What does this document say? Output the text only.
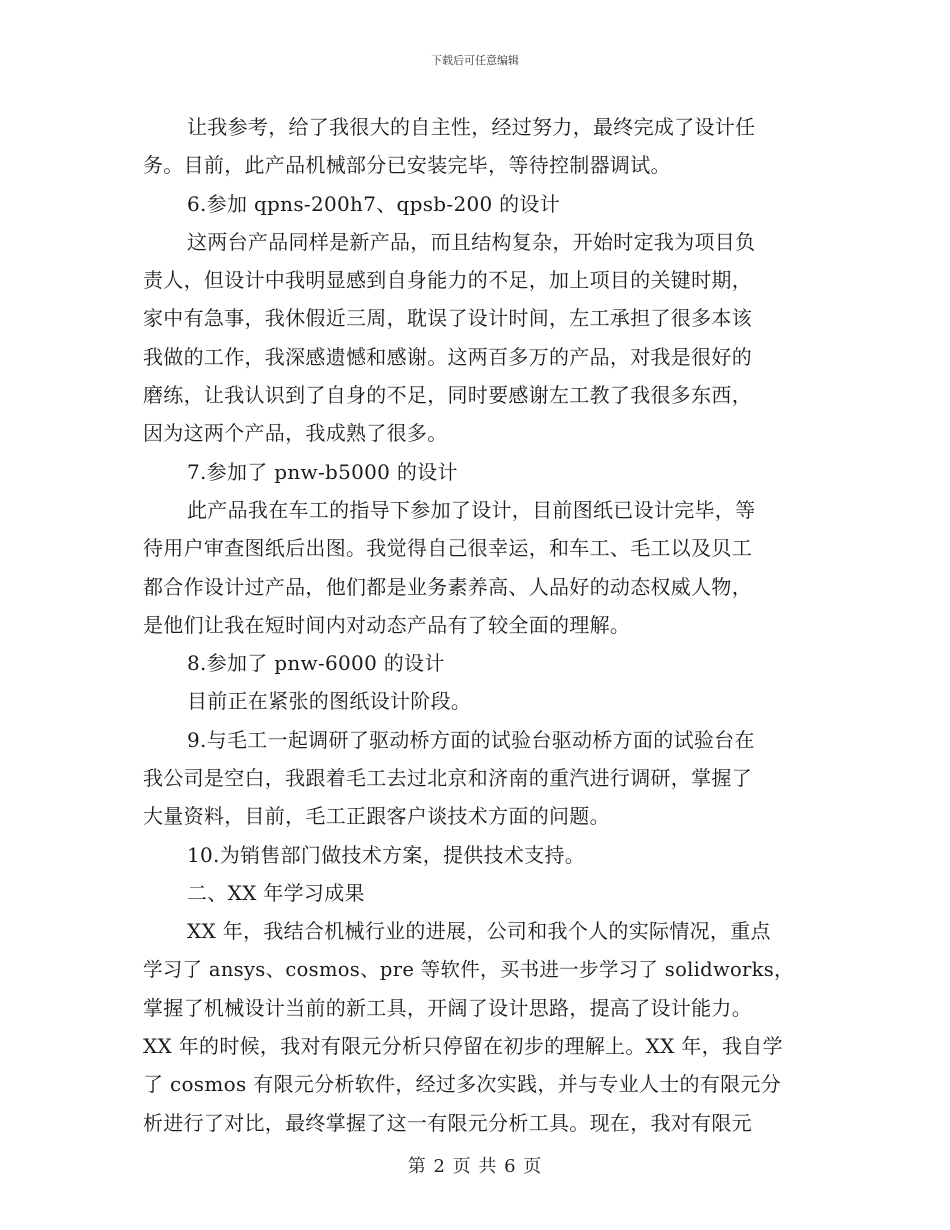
下载后可任意编辑
让我参考，给了我很大的自主性，经过努力，最终完成了设计任
务。目前，此产品机械部分已安装完毕，等待控制器调试。
6.参加 qpns-200h7、qpsb-200 的设计
这两台产品同样是新产品，而且结构复杂，开始时定我为项目负
责人，但设计中我明显感到自身能力的不足，加上项目的关键时期，
家中有急事，我休假近三周，耽误了设计时间，左工承担了很多本该
我做的工作，我深感遗憾和感谢。这两百多万的产品，对我是很好的
磨练，让我认识到了自身的不足，同时要感谢左工教了我很多东西，
因为这两个产品，我成熟了很多。
7.参加了 pnw-b5000 的设计
此产品我在车工的指导下参加了设计，目前图纸已设计完毕，等
待用户审查图纸后出图。我觉得自己很幸运，和车工、毛工以及贝工
都合作设计过产品，他们都是业务素养高、人品好的动态权威人物，
是他们让我在短时间内对动态产品有了较全面的理解。
8.参加了 pnw-6000 的设计
目前正在紧张的图纸设计阶段。
9.与毛工一起调研了驱动桥方面的试验台驱动桥方面的试验台在
我公司是空白，我跟着毛工去过北京和济南的重汽进行调研，掌握了
大量资料，目前，毛工正跟客户谈技术方面的问题。
10.为销售部门做技术方案，提供技术支持。
二、XX 年学习成果
XX 年，我结合机械行业的进展，公司和我个人的实际情况，重点
学习了 ansys、cosmos、pre 等软件，买书进一步学习了 solidworks，
掌握了机械设计当前的新工具，开阔了设计思路，提高了设计能力。
XX 年的时候，我对有限元分析只停留在初步的理解上。XX 年，我自学
了 cosmos 有限元分析软件，经过多次实践，并与专业人士的有限元分
析进行了对比，最终掌握了这一有限元分析工具。现在，我对有限元
第 2 页 共 6 页
